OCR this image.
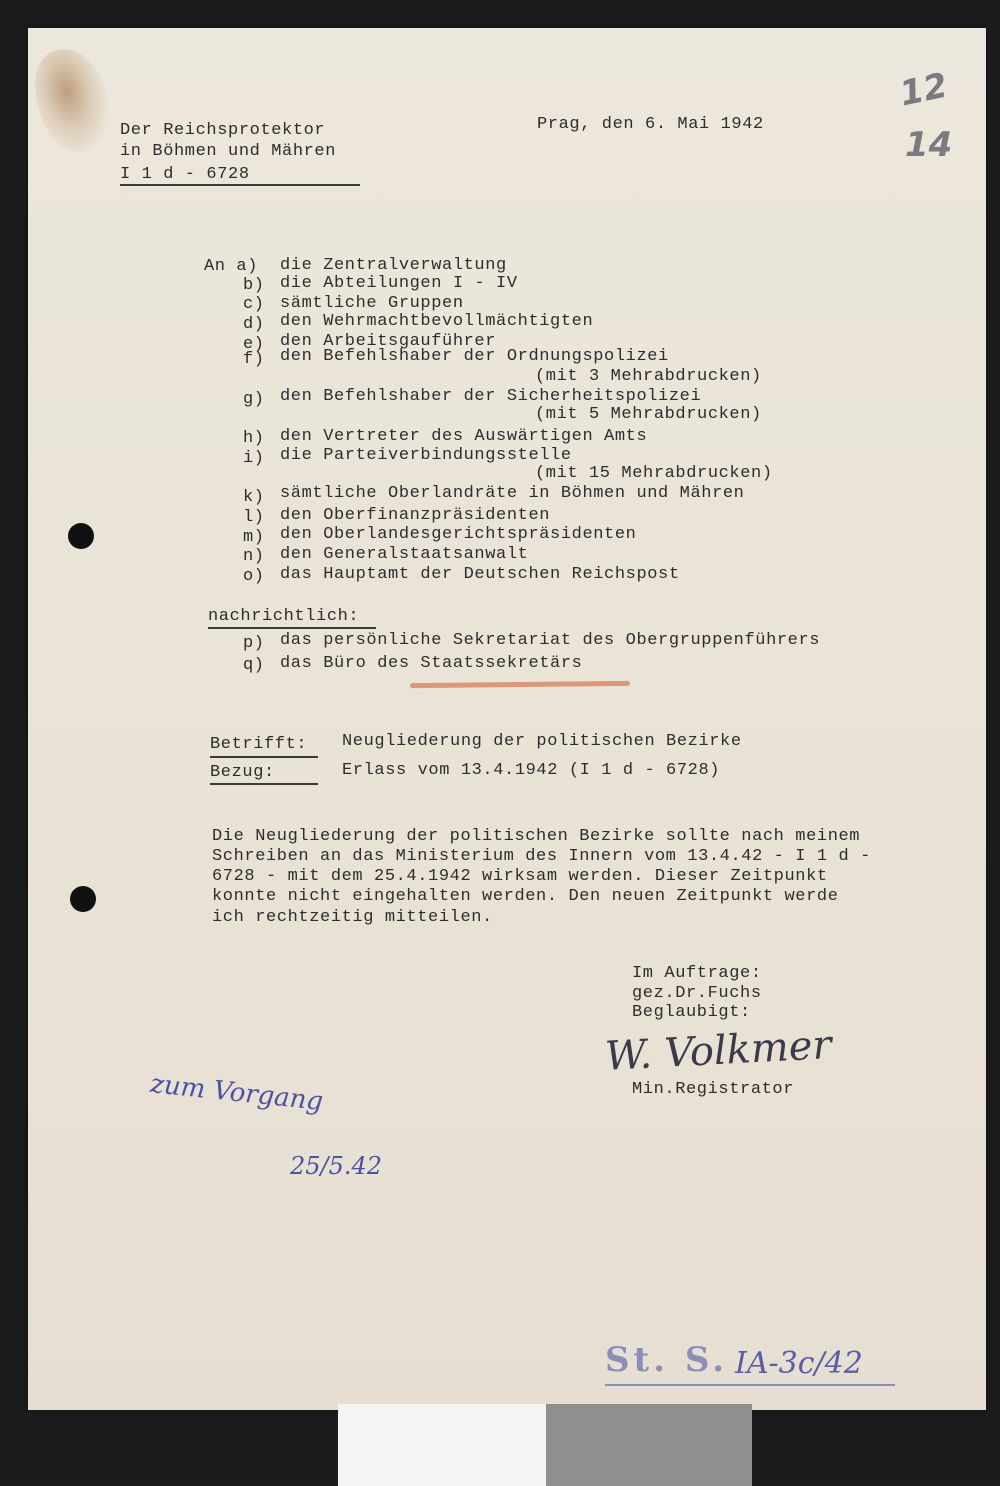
Der Reichsprotektor
in Böhmen und Mähren
I 1 d - 6728
Prag, den 6. Mai 1942
12
14
An a) die Zentralverwaltung
b) die Abteilungen I - IV
c) sämtliche Gruppen
d) den Wehrmachtbevollmächtigten
e) den Arbeitsgauführer
f) den Befehlshaber der Ordnungspolizei
(mit 3 Mehrabdrucken)
g) den Befehlshaber der Sicherheitspolizei
(mit 5 Mehrabdrucken)
h) den Vertreter des Auswärtigen Amts
i) die Parteiverbindungsstelle
(mit 15 Mehrabdrucken)
k) sämtliche Oberlandräte in Böhmen und Mähren
l) den Oberfinanzpräsidenten
m) den Oberlandesgerichtspräsidenten
n) den Generalstaatsanwalt
o) das Hauptamt der Deutschen Reichspost
nachrichtlich:
p) das persönliche Sekretariat des Obergruppenführers
q) das Büro des Staatssekretärs
Betrifft: Neugliederung der politischen Bezirke
Bezug:	Erlass vom 13.4.1942 (I 1 d - 6728)
Die Neugliederung der politischen Bezirke sollte nach meinem
Schreiben an das Ministerium des Innern vom 13.4.42 - I 1 d -
6728 - mit dem 25.4.1942 wirksam werden. Dieser Zeitpunkt
konnte nicht eingehalten werden. Den neuen Zeitpunkt werde
ich rechtzeitig mitteilen.
Im Auftrage:
gez.Dr.Fuchs
Beglaubigt:
W. Volkmer
Min.Registrator
zum Vorgang
25/5.42
St. S. IA-3c/42
